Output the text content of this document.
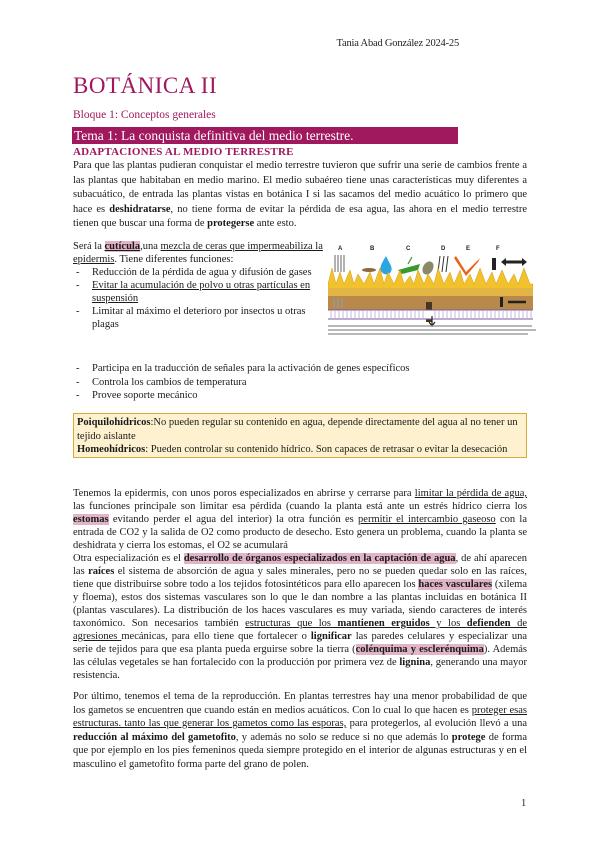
Tania Abad González 2024-25
BOTÁNICA II
Bloque 1: Conceptos generales
Tema 1: La conquista definitiva del medio terrestre.
ADAPTACIONES AL MEDIO TERRESTRE
Para que las plantas pudieran conquistar el medio terrestre tuvieron que sufrir una serie de cambios frente a las plantas que habitaban en medio marino. El medio subaéreo tiene unas características muy diferentes a subacuático, de entrada las plantas vistas en botánica I si las sacamos del medio acuático lo primero que hace es deshidratarse, no tiene forma de evitar la pérdida de esa agua, las ahora en el medio terrestre tienen que buscar una forma de protegerse ante esto.
Será la cutícula,una mezcla de ceras que impermeabiliza la epidermis. Tiene diferentes funciones:
- Reducción de la pérdida de agua y difusión de gases
- Evitar la acumulación de polvo u otras partículas en suspensión
- Limitar al máximo el deterioro por insectos u otras plagas
A	B	C	D	E	F
- Participa en la traducción de señales para la activación de genes específicos
- Controla los cambios de temperatura
- Provee soporte mecánico
Poiquilohídricos:No pueden regular su contenido en agua, depende directamente del agua al no tener un tejido aislante
Homeohídricos: Pueden controlar su contenido hídrico. Son capaces de retrasar o evitar la desecación
Tenemos la epidermis, con unos poros especializados en abrirse y cerrarse para limitar la pérdida de agua, las funciones principale son limitar esa pérdida (cuando la planta está ante un estrés hídrico cierra los estomas evitando perder el agua del interior) la otra función es permitir el intercambio gaseoso con la entrada de CO2 y la salida de O2 como producto de desecho. Esto genera un problema, cuando la planta se deshidrata y cierra los estomas, el O2 se acumulará
Otra especialización es el desarrollo de órganos especializados en la captación de agua, de ahí aparecen las raíces el sistema de absorción de agua y sales minerales, pero no se pueden quedar solo en las raíces, tiene que distribuirse sobre todo a los tejidos fotosintéticos para ello aparecen los haces vasculares (xilema y floema), estos dos sistemas vasculares son lo que le dan nombre a las plantas incluidas en botánica II (plantas vasculares). La distribución de los haces vasculares es muy variada, siendo caracteres de interés taxonómico. Son necesarios también estructuras que los mantienen erguidos y los defienden de agresiones mecánicas, para ello tiene que fortalecer o lignificar las paredes celulares y especializar una serie de tejidos para que esa planta pueda erguirse sobre la tierra (colénquima y esclerénquima). Además las células vegetales se han fortalecido con la producción por primera vez de lignina, generando una mayor resistencia.
Por último, tenemos el tema de la reproducción. En plantas terrestres hay una menor probabilidad de que los gametos se encuentren que cuando están en medios acuáticos. Con lo cual lo que hacen es proteger esas estructuras. tanto las que generar los gametos como las esporas, para protegerlos, al evolución llevó a una reducción al máximo del gametofito, y además no solo se reduce si no que además lo protege de forma que por ejemplo en los pies femeninos queda siempre protegido en el interior de algunas estructuras y en el masculino el gametofito forma parte del grano de polen.
1
